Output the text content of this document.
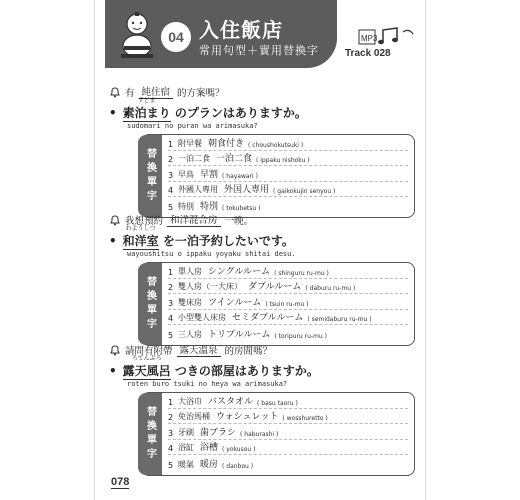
04 入住飯店
常用句型＋實用替換字
MP3
Track 028
有 純住宿 的方案嗎？
•
すどま
素泊まり のプランはありますか。
sudomari no puran wa arimasuka?
替換單字
1 附早餐 朝食付き ( choushokutsuki )
2 一泊二食 一泊二食 ( ippaku nishoku )
3 早鳥 早割 ( hayawari )
4 外國人專用 外国人専用 ( gaikokujin senyou )
5 特別 特別 ( tokubetsu )
我想預約 和洋混合房 一晚。
•
わようしつ
和洋室 を一泊予約したいです。
wayoushitsu o ippaku yoyaku shitai desu.
替換單字
1 單人房 シングルルーム ( shinguru ru-mu )
2 雙人房（一大床） ダブルルーム ( daburu ru-mu )
3 雙床房 ツインルーム ( tsuin ru-mu )
4 小型雙人床房 セミダブルルーム ( semidaburu ru-mu )
5 三人房 トリプルルーム ( toripuru ru-mu )
請問有附帶 露天溫泉 的房間嗎？
•
ろてんぶろ
露天風呂 つきの部屋はありますか。
roten buro tsuki no heya wa arimasuka?
替換單字
1 大浴巾 バスタオル ( basu taoru )
2 免治馬桶 ウォシュレット ( wosshuretto )
3 牙刷 歯ブラシ ( haburashi )
4 浴缸 浴槽 ( yokusou )
5 暖氣 暖房 ( danbou )
078
